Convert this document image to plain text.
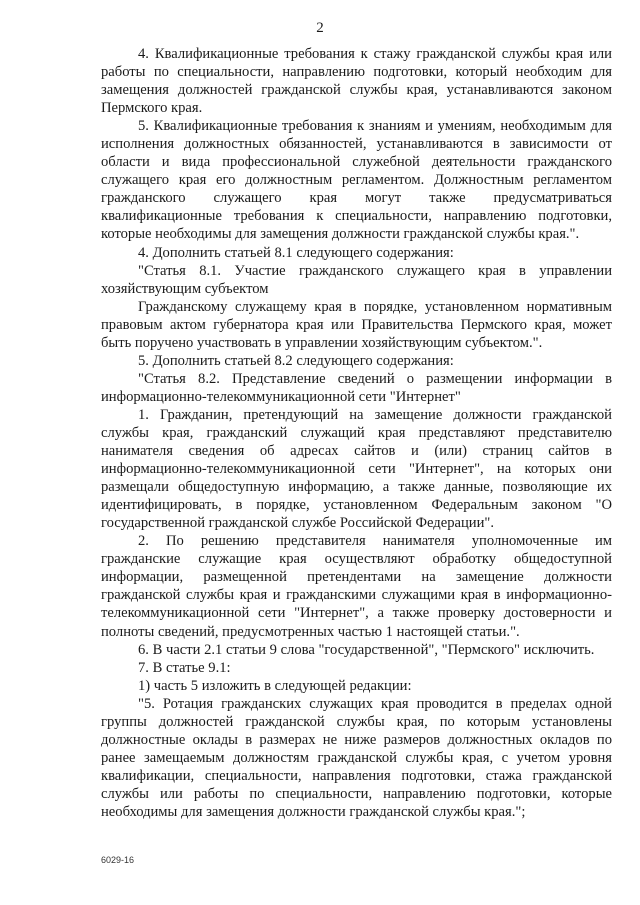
2

4. Квалификационные требования к стажу гражданской службы края или работы по специальности, направлению подготовки, который необходим для замещения должностей гражданской службы края, устанавливаются законом Пермского края.

5. Квалификационные требования к знаниям и умениям, необходимым для исполнения должностных обязанностей, устанавливаются в зависимости от области и вида профессиональной служебной деятельности гражданского служащего края его должностным регламентом. Должностным регламентом гражданского служащего края могут также предусматриваться квалификационные требования к специальности, направлению подготовки, которые необходимы для замещения должности гражданской службы края.".

4. Дополнить статьей 8.1 следующего содержания:

"Статья 8.1. Участие гражданского служащего края в управлении хозяйствующим субъектом

Гражданскому служащему края в порядке, установленном нормативным правовым актом губернатора края или Правительства Пермского края, может быть поручено участвовать в управлении хозяйствующим субъектом.".

5. Дополнить статьей 8.2 следующего содержания:

"Статья 8.2. Представление сведений о размещении информации в информационно-телекоммуникационной сети "Интернет"

1. Гражданин, претендующий на замещение должности гражданской службы края, гражданский служащий края представляют представителю нанимателя сведения об адресах сайтов и (или) страниц сайтов в информационно-телекоммуникационной сети "Интернет", на которых они размещали общедоступную информацию, а также данные, позволяющие их идентифицировать, в порядке, установленном Федеральным законом "О государственной гражданской службе Российской Федерации".

2. По решению представителя нанимателя уполномоченные им гражданские служащие края осуществляют обработку общедоступной информации, размещенной претендентами на замещение должности гражданской службы края и гражданскими служащими края в информационно-телекоммуникационной сети "Интернет", а также проверку достоверности и полноты сведений, предусмотренных частью 1 настоящей статьи.".

6. В части 2.1 статьи 9 слова "государственной", "Пермского" исключить.

7. В статье 9.1:

1) часть 5 изложить в следующей редакции:

"5. Ротация гражданских служащих края проводится в пределах одной группы должностей гражданской службы края, по которым установлены должностные оклады в размерах не ниже размеров должностных окладов по ранее замещаемым должностям гражданской службы края, с учетом уровня квалификации, специальности, направления подготовки, стажа гражданской службы или работы по специальности, направлению подготовки, которые необходимы для замещения должности гражданской службы края.";

6029-16
